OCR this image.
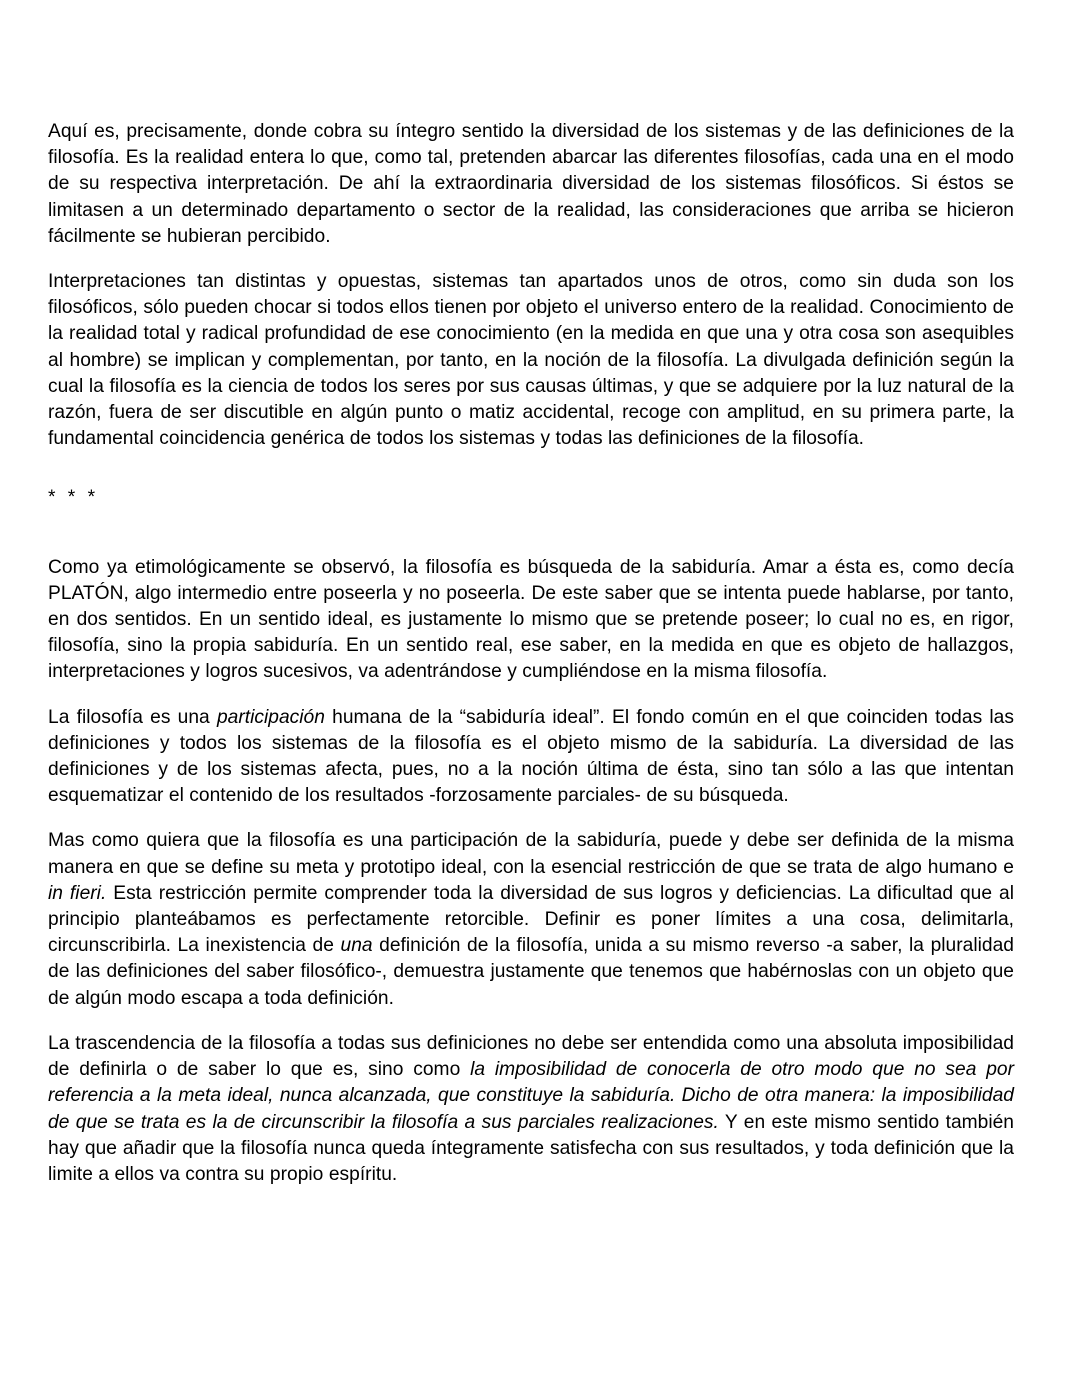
Aquí es, precisamente, donde cobra su íntegro sentido la diversidad de los sistemas y de las definiciones de la filosofía. Es la realidad entera lo que, como tal, pretenden abarcar las diferentes filosofías, cada una en el modo de su respectiva interpretación. De ahí la extraordinaria diversidad de los sistemas filosóficos. Si éstos se limitasen a un determinado departamento o sector de la realidad, las consideraciones que arriba se hicieron fácilmente se hubieran percibido.

Interpretaciones tan distintas y opuestas, sistemas tan apartados unos de otros, como sin duda son los filosóficos, sólo pueden chocar si todos ellos tienen por objeto el universo entero de la realidad. Conocimiento de la realidad total y radical profundidad de ese conocimiento (en la medida en que una y otra cosa son asequibles al hombre) se implican y complementan, por tanto, en la noción de la filosofía. La divulgada definición según la cual la filosofía es la ciencia de todos los seres por sus causas últimas, y que se adquiere por la luz natural de la razón, fuera de ser discutible en algún punto o matiz accidental, recoge con amplitud, en su primera parte, la fundamental coincidencia genérica de todos los sistemas y todas las definiciones de la filosofía.

* * *

Como ya etimológicamente se observó, la filosofía es búsqueda de la sabiduría. Amar a ésta es, como decía PLATÓN, algo intermedio entre poseerla y no poseerla. De este saber que se intenta puede hablarse, por tanto, en dos sentidos. En un sentido ideal, es justamente lo mismo que se pretende poseer; lo cual no es, en rigor, filosofía, sino la propia sabiduría. En un sentido real, ese saber, en la medida en que es objeto de hallazgos, interpretaciones y logros sucesivos, va adentrándose y cumpliéndose en la misma filosofía.

La filosofía es una participación humana de la “sabiduría ideal”. El fondo común en el que coinciden todas las definiciones y todos los sistemas de la filosofía es el objeto mismo de la sabiduría. La diversidad de las definiciones y de los sistemas afecta, pues, no a la noción última de ésta, sino tan sólo a las que intentan esquematizar el contenido de los resultados -forzosamente parciales- de su búsqueda.

Mas como quiera que la filosofía es una participación de la sabiduría, puede y debe ser definida de la misma manera en que se define su meta y prototipo ideal, con la esencial restricción de que se trata de algo humano e in fieri. Esta restricción permite comprender toda la diversidad de sus logros y deficiencias. La dificultad que al principio planteábamos es perfectamente retorcible. Definir es poner límites a una cosa, delimitarla, circunscribirla. La inexistencia de una definición de la filosofía, unida a su mismo reverso -a saber, la pluralidad de las definiciones del saber filosófico-, demuestra justamente que tenemos que habérnoslas con un objeto que de algún modo escapa a toda definición.

La trascendencia de la filosofía a todas sus definiciones no debe ser entendida como una absoluta imposibilidad de definirla o de saber lo que es, sino como la imposibilidad de conocerla de otro modo que no sea por referencia a la meta ideal, nunca alcanzada, que constituye la sabiduría. Dicho de otra manera: la imposibilidad de que se trata es la de circunscribir la filosofía a sus parciales realizaciones. Y en este mismo sentido también hay que añadir que la filosofía nunca queda íntegramente satisfecha con sus resultados, y toda definición que la limite a ellos va contra su propio espíritu.
